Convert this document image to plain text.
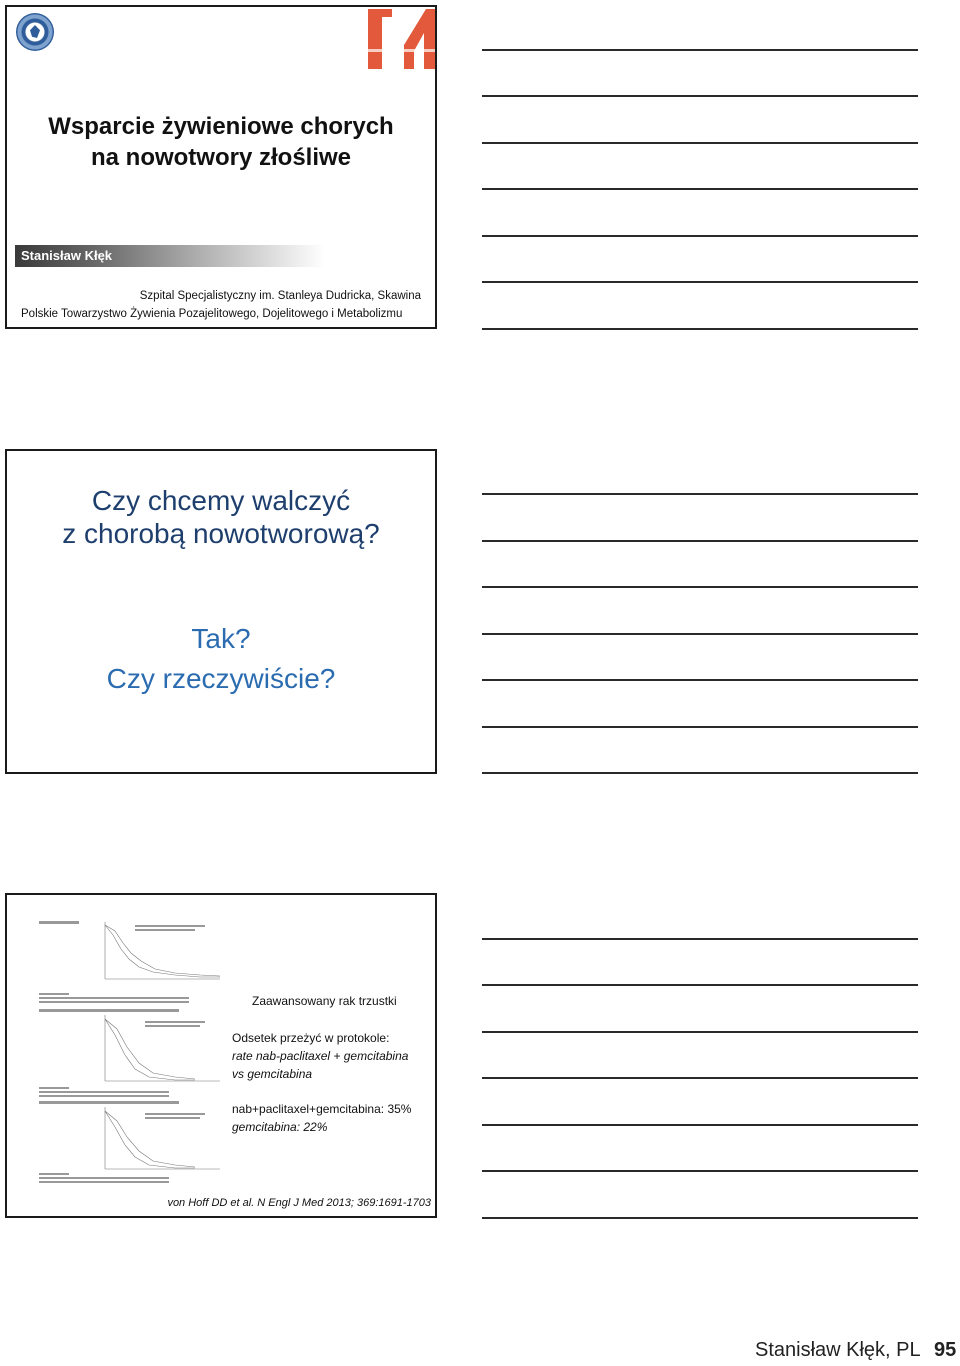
Wsparcie żywieniowe chorych
na nowotwory złośliwe
Stanisław Kłęk
Szpital Specjalistyczny im. Stanleya Dudricka, Skawina
Polskie Towarzystwo Żywienia Pozajelitowego, Dojelitowego i Metabolizmu
Czy chcemy walczyć
z chorobą nowotworową?
Tak?
Czy rzeczywiście?
Zaawansowany rak trzustki
Odsetek przeżyć w protokole:
rate nab-paclitaxel + gemcitabina
vs gemcitabina
nab+paclitaxel+gemcitabina: 35%
gemcitabina: 22%
von Hoff DD et al. N Engl J Med 2013; 369:1691-1703
Stanisław Kłęk, PL 95
